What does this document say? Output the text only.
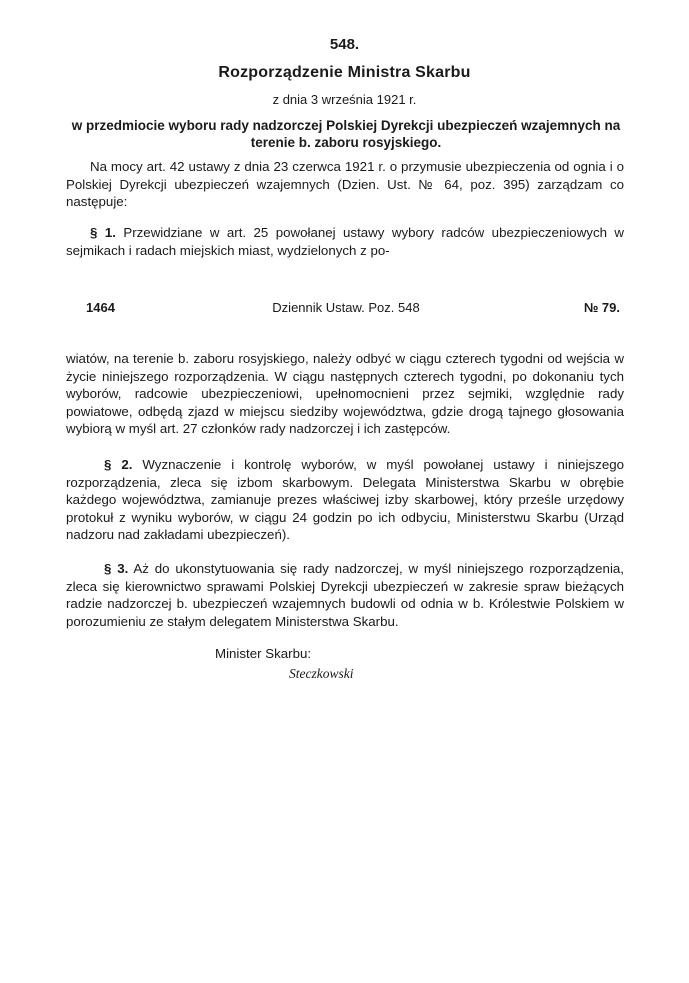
548.
Rozporządzenie Ministra Skarbu
z dnia 3 września 1921 r.
w przedmiocie wyboru rady nadzorczej Polskiej Dyrekcji ubezpieczeń wzajemnych na terenie b. zaboru rosyjskiego.
Na mocy art. 42 ustawy z dnia 23 czerwca 1921 r. o przymusie ubezpieczenia od ognia i o Polskiej Dyrekcji ubezpieczeń wzajemnych (Dzien. Ust. № 64, poz. 395) zarządzam co następuje:
§ 1. Przewidziane w art. 25 powołanej ustawy wybory radców ubezpieczeniowych w sejmikach i radach miejskich miast, wydzielonych z po-
1464	Dziennik Ustaw. Poz. 548	№ 79.
wiatów, na terenie b. zaboru rosyjskiego, należy odbyć w ciągu czterech tygodni od wejścia w życie niniejszego rozporządzenia. W ciągu następnych czterech tygodni, po dokonaniu tych wyborów, radcowie ubezpieczeniowi, upełnomocnieni przez sejmiki, względnie rady powiatowe, odbędą zjazd w miejscu siedziby województwa, gdzie drogą tajnego głosowania wybiorą w myśl art. 27 członków rady nadzorczej i ich zastępców.
§ 2. Wyznaczenie i kontrolę wyborów, w myśl powołanej ustawy i niniejszego rozporządzenia, zleca się izbom skarbowym. Delegata Ministerstwa Skarbu w obrębie każdego województwa, zamianuje prezes właściwej izby skarbowej, który prześle urzędowy protokuł z wyniku wyborów, w ciągu 24 godzin po ich odbyciu, Ministerstwu Skarbu (Urząd nadzoru nad zakładami ubezpieczeń).
§ 3. Aż do ukonstytuowania się rady nadzorczej, w myśl niniejszego rozporządzenia, zleca się kierownictwo sprawami Polskiej Dyrekcji ubezpieczeń w zakresie spraw bieżących radzie nadzorczej b. ubezpieczeń wzajemnych budowli od odnia w b. Królestwie Polskiem w porozumieniu ze stałym delegatem Ministerstwa Skarbu.
Minister Skarbu:
Steczkowski
